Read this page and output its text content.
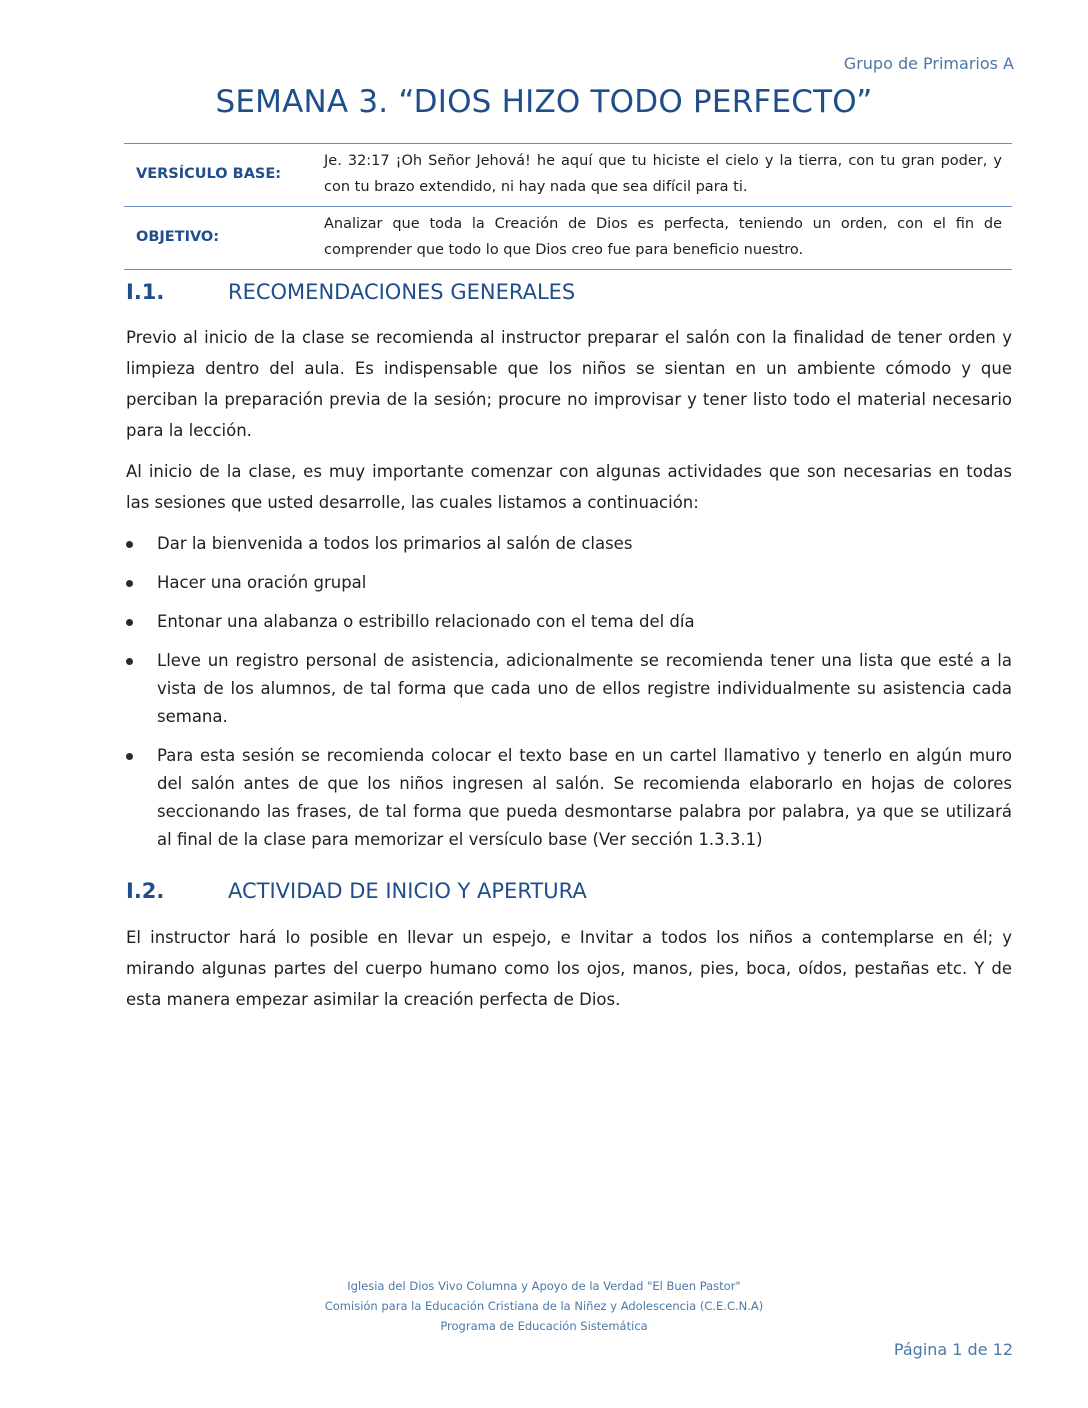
Grupo de Primarios A
SEMANA 3. “DIOS HIZO TODO PERFECTO”
VERSÍCULO BASE:	Je. 32:17 ¡Oh Señor Jehová! he aquí que tu hiciste el cielo y la tierra, con tu gran poder, y con tu brazo extendido, ni hay nada que sea difícil para ti.
OBJETIVO:	Analizar que toda la Creación de Dios es perfecta, teniendo un orden, con el fin de comprender que todo lo que Dios creo fue para beneficio nuestro.
I.1.	RECOMENDACIONES GENERALES
Previo al inicio de la clase se recomienda al instructor preparar el salón con la finalidad de tener orden y limpieza dentro del aula. Es indispensable que los niños se sientan en un ambiente cómodo y que perciban la preparación previa de la sesión; procure no improvisar y tener listo todo el material necesario para la lección.
Al inicio de la clase, es muy importante comenzar con algunas actividades que son necesarias en todas las sesiones que usted desarrolle, las cuales listamos a continuación:
Dar la bienvenida a todos los primarios al salón de clases
Hacer una oración grupal
Entonar una alabanza o estribillo relacionado con el tema del día
Lleve un registro personal de asistencia, adicionalmente se recomienda tener una lista que esté a la vista de los alumnos, de tal forma que cada uno de ellos registre individualmente su asistencia cada semana.
Para esta sesión se recomienda colocar el texto base en un cartel llamativo y tenerlo en algún muro del salón antes de que los niños ingresen al salón. Se recomienda elaborarlo en hojas de colores seccionando las frases, de tal forma que pueda desmontarse palabra por palabra, ya que se utilizará al final de la clase para memorizar el versículo base (Ver sección 1.3.3.1)
I.2.	ACTIVIDAD DE INICIO Y APERTURA
El instructor hará lo posible en llevar un espejo, e Invitar a todos los niños a contemplarse en él; y mirando algunas partes del cuerpo humano como los ojos, manos, pies, boca, oídos, pestañas etc. Y de esta manera empezar asimilar la creación perfecta de Dios.
Iglesia del Dios Vivo Columna y Apoyo de la Verdad "El Buen Pastor"
Comisión para la Educación Cristiana de la Niñez y Adolescencia (C.E.C.N.A)
Programa de Educación Sistemática
Página 1 de 12
